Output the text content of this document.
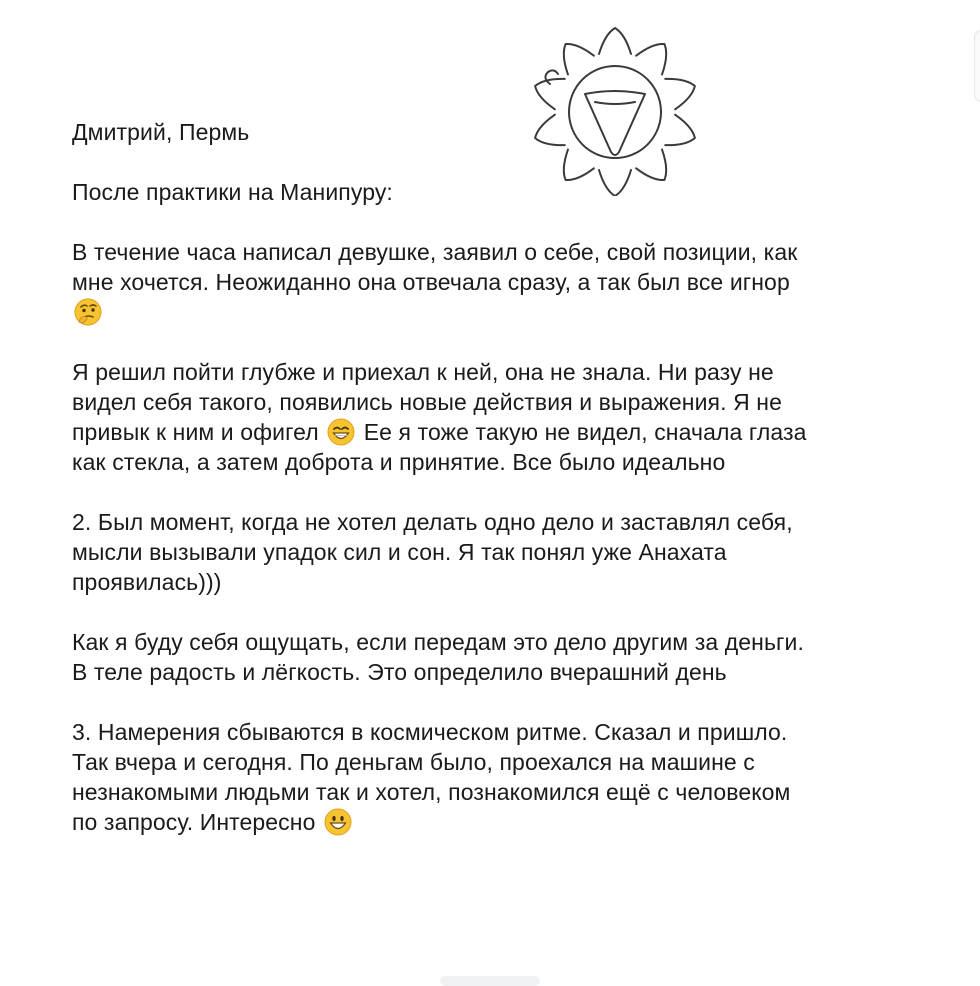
Дмитрий, Пермь

После практики на Манипуру:

В течение часа написал девушке, заявил о себе, свой позиции, как
мне хочется. Неожиданно она отвечала сразу, а так был все игнор

Я решил пойти глубже и приехал к ней, она не знала. Ни разу не
видел себя такого, появились новые действия и выражения. Я не
привык к ним и офигел Ее я тоже такую не видел, сначала глаза
как стекла, а затем доброта и принятие. Все было идеально

2. Был момент, когда не хотел делать одно дело и заставлял себя,
мысли вызывали упадок сил и сон. Я так понял уже Анахата
проявилась)))

Как я буду себя ощущать, если передам это дело другим за деньги.
В теле радость и лёгкость. Это определило вчерашний день

3. Намерения сбываются в космическом ритме. Сказал и пришло.
Так вчера и сегодня. По деньгам было, проехался на машине с
незнакомыми людьми так и хотел, познакомился ещё с человеком
по запросу. Интересно
